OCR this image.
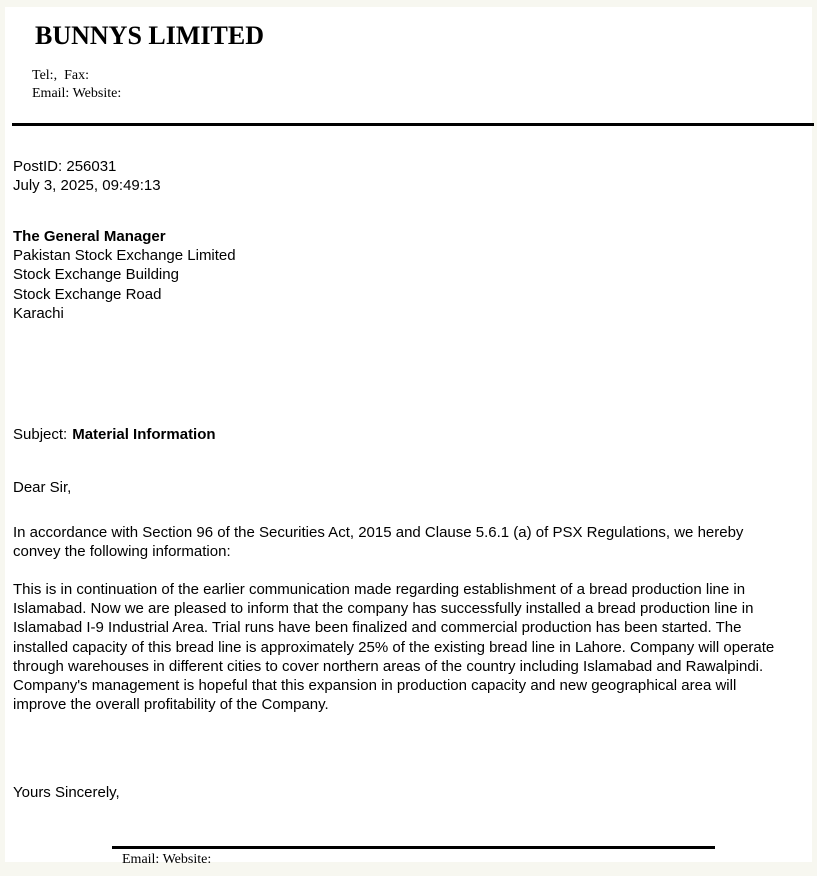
BUNNYS LIMITED
Tel:,  Fax:
Email: Website:
PostID: 256031
July 3, 2025, 09:49:13
The General Manager
Pakistan Stock Exchange Limited
Stock Exchange Building
Stock Exchange Road
Karachi
Subject: Material Information
Dear Sir,
In accordance with Section 96 of the Securities Act, 2015 and Clause 5.6.1 (a) of PSX Regulations, we hereby convey the following information:
This is in continuation of the earlier communication made regarding establishment of a bread production line in Islamabad. Now we are pleased to inform that the company has successfully installed a bread production line in Islamabad I-9 Industrial Area. Trial runs have been finalized and commercial production has been started. The installed capacity of this bread line is approximately 25% of the existing bread line in Lahore. Company will operate through warehouses in different cities to cover northern areas of the country including Islamabad and Rawalpindi. Company's management is hopeful that this expansion in production capacity and new geographical area will improve the overall profitability of the Company.
Yours Sincerely,
Email: Website:
